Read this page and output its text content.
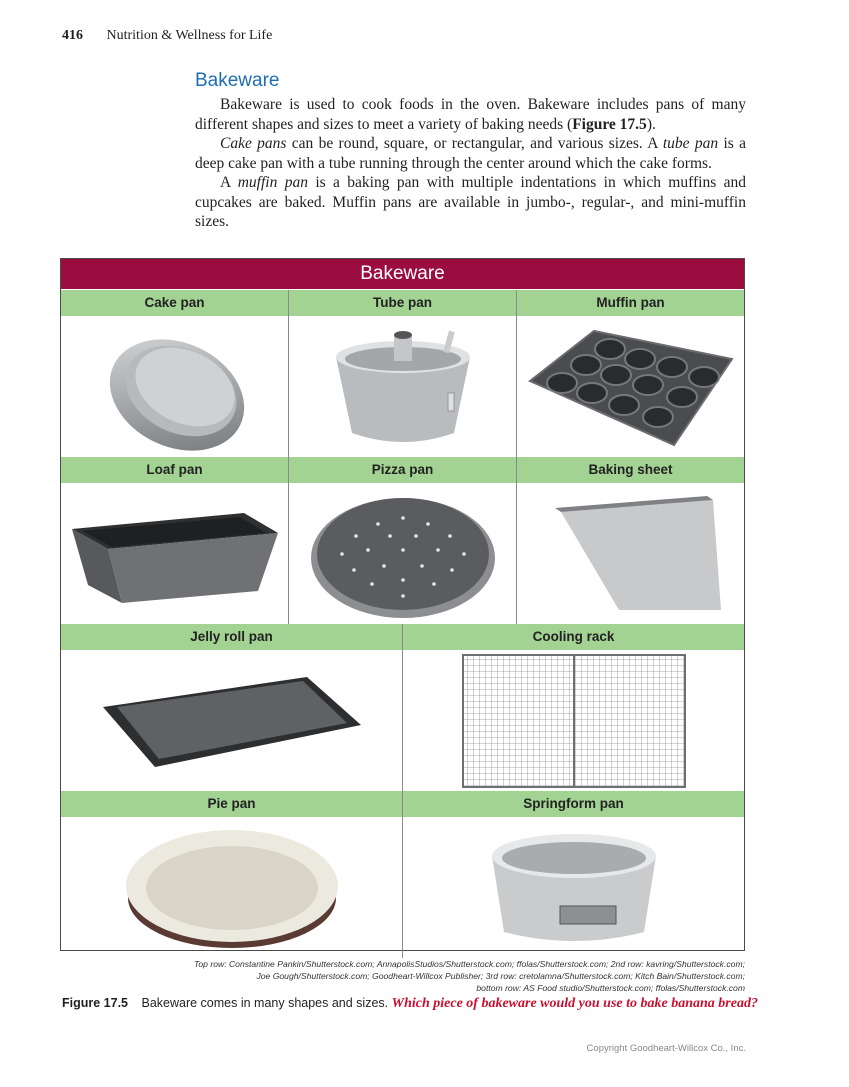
416 Nutrition & Wellness for Life
Bakeware

Bakeware is used to cook foods in the oven. Bakeware includes pans of many different shapes and sizes to meet a variety of baking needs (Figure 17.5).

Cake pans can be round, square, or rectangular, and various sizes. A tube pan is a deep cake pan with a tube running through the center around which the cake forms.

A muffin pan is a baking pan with multiple indentations in which muffins and cupcakes are baked. Muffin pans are available in jumbo-, regular-, and mini-muffin sizes.

Bakeware
Cake pan	Tube pan	Muffin pan
Loaf pan	Pizza pan	Baking sheet
Jelly roll pan	Cooling rack
Pie pan	Springform pan
Top row: Constantine Pankin/Shutterstock.com; AnnapolisStudios/Shutterstock.com; ffolas/Shutterstock.com; 2nd row: kavring/Shutterstock.com;
Joe Gough/Shutterstock.com; Goodheart-Willcox Publisher; 3rd row: cretolamna/Shutterstock.com; Kitch Bain/Shutterstock.com;
bottom row: AS Food studio/Shutterstock.com; ffolas/Shutterstock.com
Figure 17.5 Bakeware comes in many shapes and sizes. Which piece of bakeware would you use to bake banana bread?
Copyright Goodheart-Willcox Co., Inc.
